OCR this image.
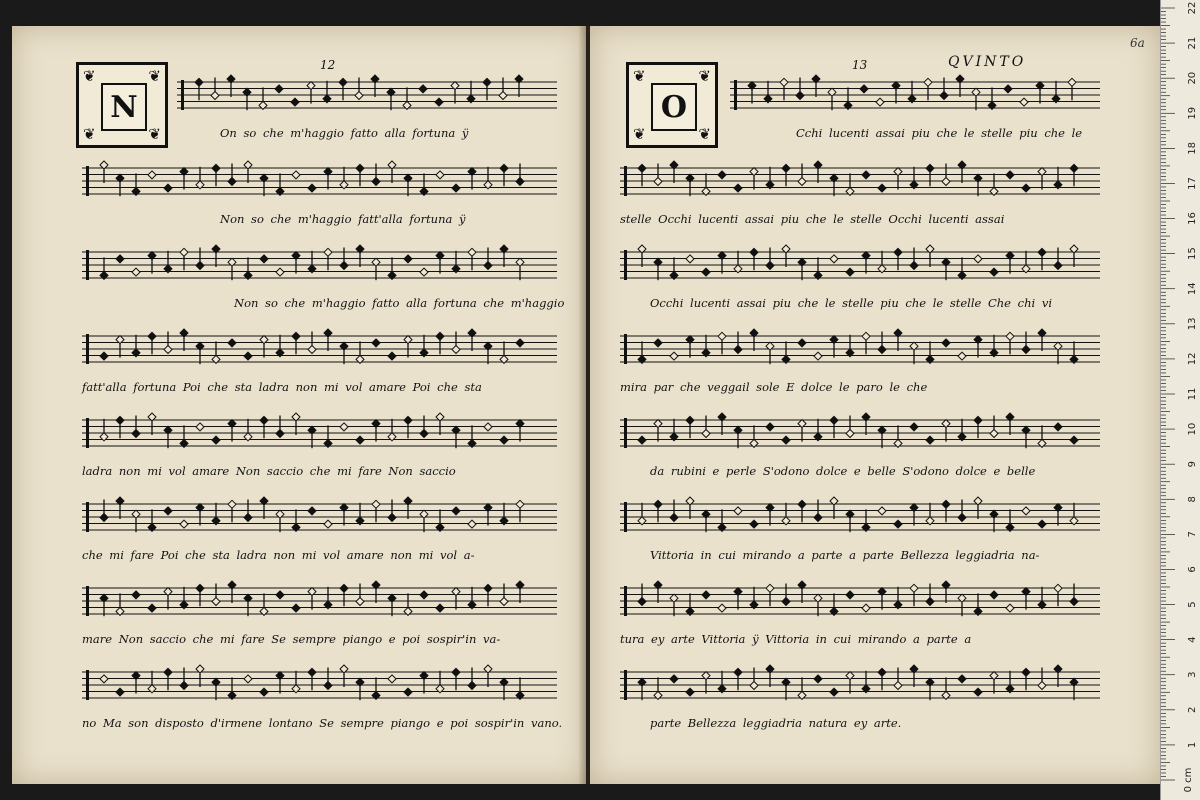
❦	❦
❦	❦
N
12
On so che m'haggio fatto alla fortuna ÿ
Non so che m'haggio fatt'alla fortuna ÿ
Non so che m'haggio fatto alla fortuna che m'haggio
fatt'alla fortuna Poi che sta ladra non mi vol amare Poi che sta
ladra non mi vol amare Non saccio che mi fare Non saccio
che mi fare Poi che sta ladra non mi vol amare non mi vol a-
mare Non saccio che mi fare Se sempre piango e poi sospir'in va-
no Ma son disposto d'irmene lontano Se sempre piango e poi sospir'in vano.
❦	❦
❦	❦
O
13	QVINTO
6a
Cchi lucenti assai piu che le stelle piu che le
stelle Occhi lucenti assai piu che le stelle Occhi lucenti assai
Occhi lucenti assai piu che le stelle piu che le stelle Che chi vi
mira par che veggail sole E dolce le paro le che
da rubini e perle S'odono dolce e belle S'odono dolce e belle
Vittoria in cui mirando a parte a parte Bellezza leggiadria na-
tura ey arte Vittoria ÿ Vittoria in cui mirando a parte a
parte Bellezza leggiadria natura ey arte.
1
2
3
4
5
6
7
8
9
10
11
12
13
14
15
16
17
18
19
20
21
22
0 cm
